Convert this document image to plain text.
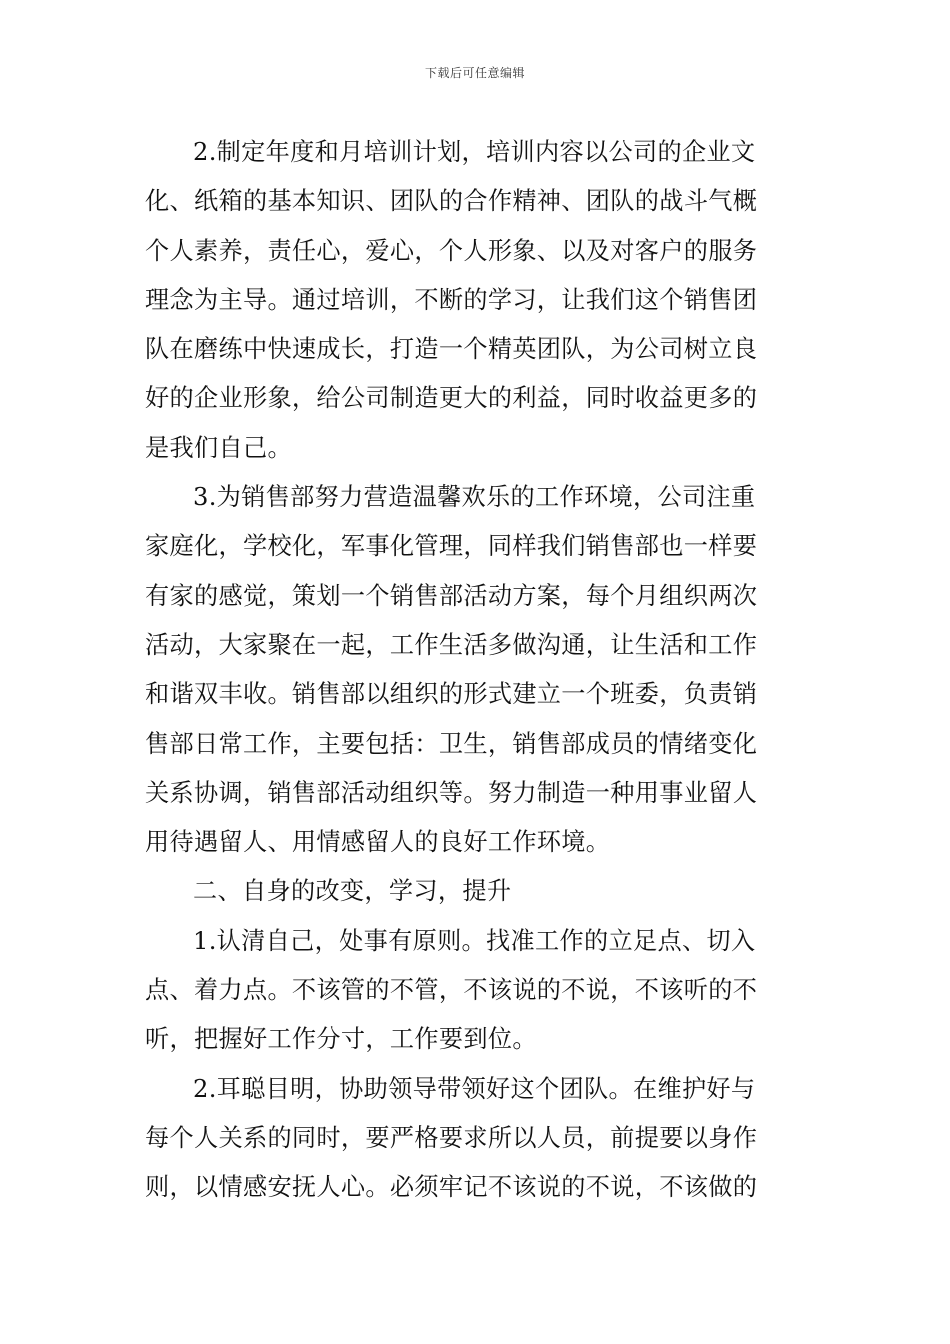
下载后可任意编辑
2.制定年度和月培训计划，培训内容以公司的企业文
化、纸箱的基本知识、团队的合作精神、团队的战斗气概
个人素养，责任心，爱心，个人形象、以及对客户的服务
理念为主导。通过培训，不断的学习，让我们这个销售团
队在磨练中快速成长，打造一个精英团队，为公司树立良
好的企业形象，给公司制造更大的利益，同时收益更多的
是我们自己。
3.为销售部努力营造温馨欢乐的工作环境，公司注重
家庭化，学校化，军事化管理，同样我们销售部也一样要
有家的感觉，策划一个销售部活动方案，每个月组织两次
活动，大家聚在一起，工作生活多做沟通，让生活和工作
和谐双丰收。销售部以组织的形式建立一个班委，负责销
售部日常工作，主要包括：卫生，销售部成员的情绪变化
关系协调，销售部活动组织等。努力制造一种用事业留人
用待遇留人、用情感留人的良好工作环境。
二、自身的改变，学习，提升
1.认清自己，处事有原则。找准工作的立足点、切入
点、着力点。不该管的不管，不该说的不说，不该听的不
听，把握好工作分寸，工作要到位。
2.耳聪目明，协助领导带领好这个团队。在维护好与
每个人关系的同时，要严格要求所以人员，前提要以身作
则，以情感安抚人心。必须牢记不该说的不说，不该做的
